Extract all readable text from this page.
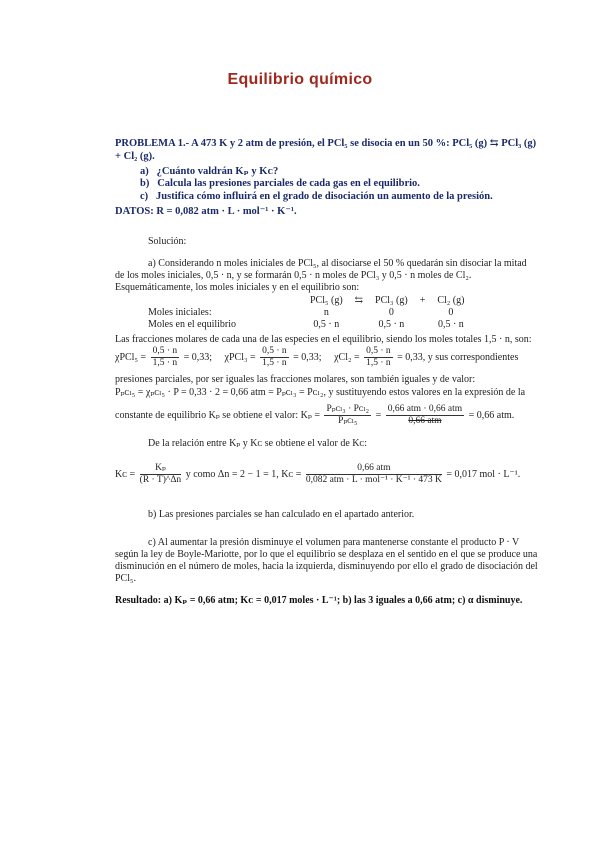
Equilibrio químico
PROBLEMA 1.- A 473 K y 2 atm de presión, el PCl₅ se disocia en un 50 %: PCl₅ (g) ⇆ PCl₃ (g)
+ Cl₂ (g).
a) ¿Cuánto valdrán Kₚ y Kᴄ?
b) Calcula las presiones parciales de cada gas en el equilibrio.
c) Justifica cómo influirá en el grado de disociación un aumento de la presión.
DATOS: R = 0,082 atm · L · mol⁻¹ · K⁻¹.
Solución:
a) Considerando n moles iniciales de PCl₅, al disociarse el 50 % quedarán sin disociar la mitad
de los moles iniciales, 0,5 · n, y se formarán 0,5 · n moles de PCl₃ y 0,5 · n moles de Cl₂.
Esquemáticamente, los moles iniciales y en el equilibrio son:
	PCl₅ (g)	⇆	PCl₃ (g)	+	Cl₂ (g)
Moles iniciales:	n		0		0
Moles en el equilibrio	0,5 · n		0,5 · n		0,5 · n
Las fracciones molares de cada una de las especies en el equilibrio, siendo los moles totales 1,5 · n, son:
$\chi PCl_5 = \frac{0,5 \cdot n}{1,5 \cdot n} = 0,33$; $\chi PCl_3 = \frac{0,5 \cdot n}{1,5 \cdot n} = 0,33$; $\chi Cl_2 = \frac{0,5 \cdot n}{1,5 \cdot n} = 0,33$, y sus correspondientes
presiones parciales, por ser iguales las fracciones molares, son también iguales y de valor:
Pₚᴄₗ₅ = χₚᴄₗ₅ · P = 0,33 · 2 = 0,66 atm = Pₚᴄₗ₃ = Pᴄₗ₂, y sustituyendo estos valores en la expresión de la
constante de equilibrio Kₚ se obtiene el valor: $K_p = \frac{\text{Pₚᴄₗ₃ · Pᴄₗ₂}}{\text{Pₚᴄₗ₅}} = \frac{\text{0,66 atm · 0,66 atm}}{\text{0,66 atm}} = 0,66$ atm.
De la relación entre Kₚ y Kᴄ se obtiene el valor de Kᴄ:
Kᴄ = $\frac{\text{Kₚ}}{(R \cdot T)\^{}\Delta n}$ y como Δn = 2 − 1 = 1, Kᴄ = $\frac{\text{0,66 atm}}{\text{0,082 atm · L · mol⁻¹ · K⁻¹ · 473 K}} = 0,017$ mol · L⁻¹.
b) Las presiones parciales se han calculado en el apartado anterior.
c) Al aumentar la presión disminuye el volumen para mantenerse constante el producto P · V
según la ley de Boyle-Mariotte, por lo que el equilibrio se desplaza en el sentido en el que se produce una
disminución en el número de moles, hacia la izquierda, disminuyendo por ello el grado de disociación del
PCl₅.
Resultado: a) Kₚ = 0,66 atm; Kᴄ = 0,017 moles · L⁻¹; b) las 3 iguales a 0,66 atm; c) α disminuye.
